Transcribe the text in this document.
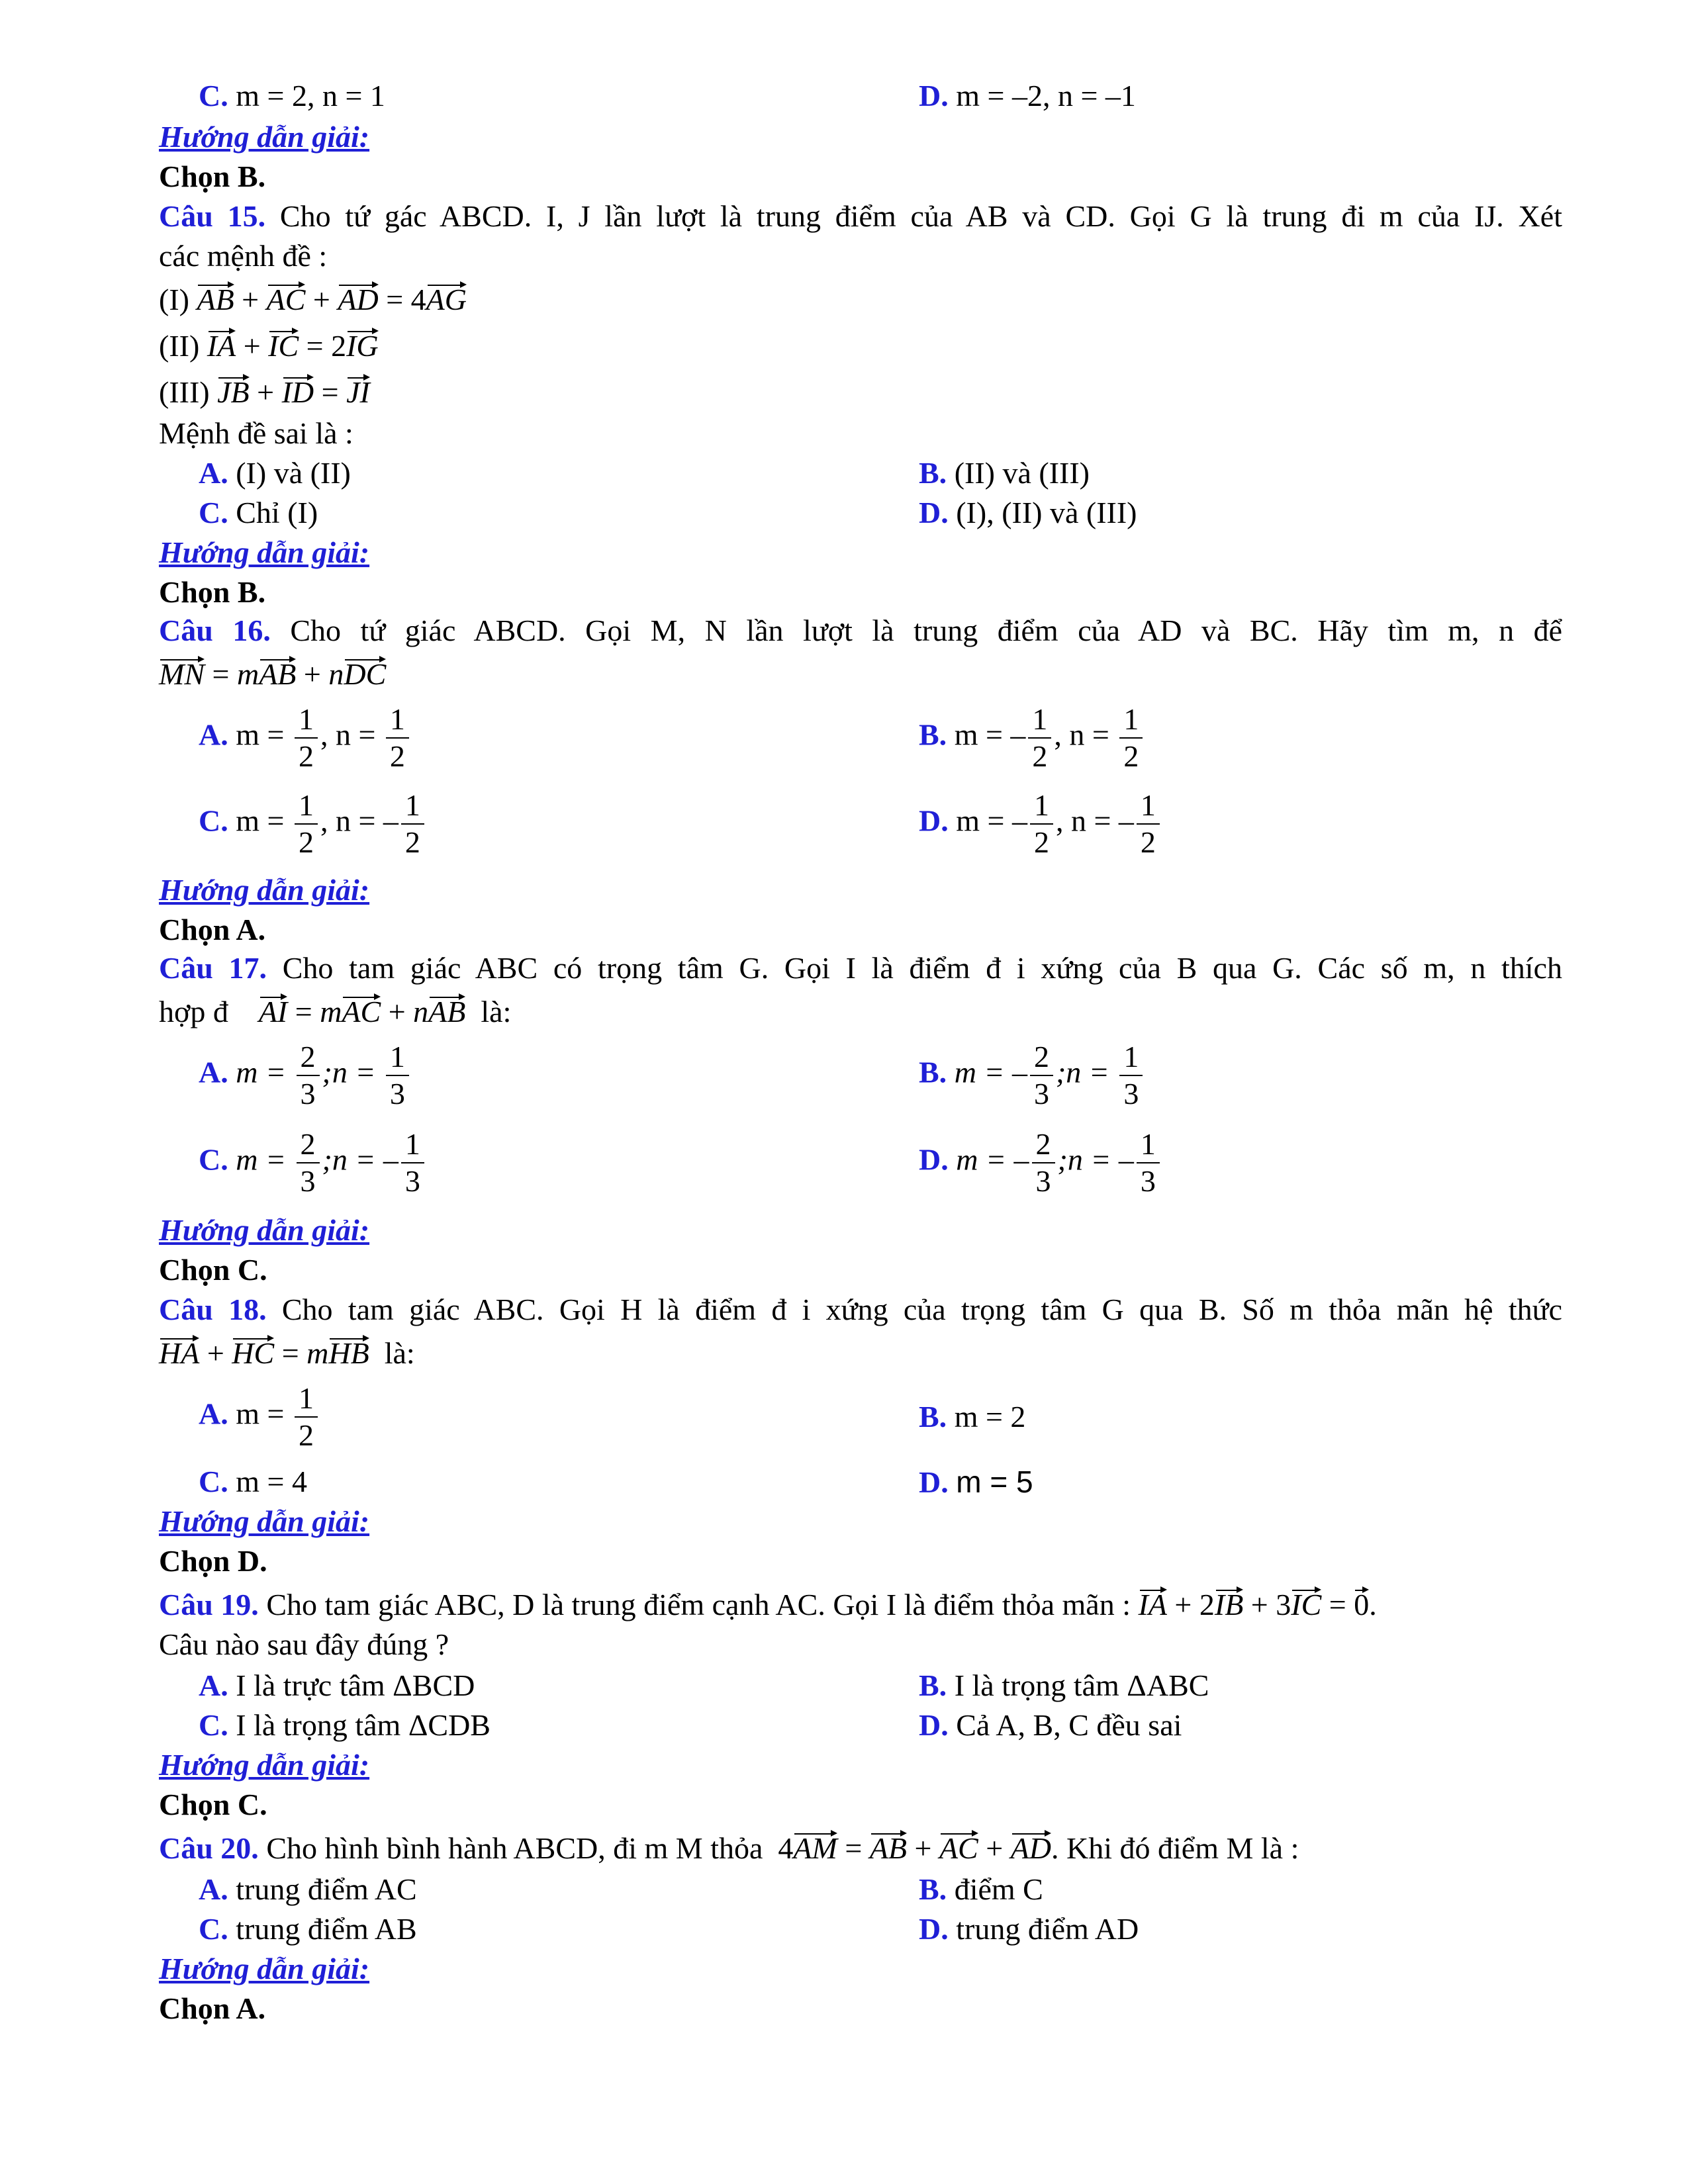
C. m = 2, n = 1	D. m = –2, n = –1
Hướng dẫn giải:
Chọn B.
Câu 15. Cho tứ gác ABCD. I, J lần lượt là trung điểm của AB và CD. Gọi G là trung đi m của IJ. Xét
các mệnh đề :
(I) AB + AC + AD = 4AG
(II) IA + IC = 2IG
(III) JB + ID = JI
Mệnh đề sai là :
A. (I) và (II)	B. (II) và (III)
C. Chỉ (I)	D. (I), (II) và (III)
Hướng dẫn giải:
Chọn B.
Câu 16. Cho tứ giác ABCD. Gọi M, N lần lượt là trung điểm của AD và BC. Hãy tìm m, n để
MN = mAB + nDC
A. $m = \frac{1}{2}$ , $n = \frac{1}{2}$	B. m = – $\frac{1}{2}$ , $n = \frac{1}{2}$
C. $m = \frac{1}{2}$ , n = – $\frac{1}{2}$	D. m = – $\frac{1}{2}$ , n = – $\frac{1}{2}$
Hướng dẫn giải:
Chọn A.
Câu 17. Cho tam giác ABC có trọng tâm G. Gọi I là điểm đ i xứng của B qua G. Các số m, n thích
hợp đ AI = mAC + nAB là:
A. $m = \frac{2}{3}$ ;n = $\frac{1}{3}$	B. m = – $\frac{2}{3}$ ;n = $\frac{1}{3}$
C. $m = \frac{2}{3}$ ;n = – $\frac{1}{3}$	D. m = – $\frac{2}{3}$ ;n = – $\frac{1}{3}$
Hướng dẫn giải:
Chọn C.
Câu 18. Cho tam giác ABC. Gọi H là điểm đ i xứng của trọng tâm G qua B. Số m thỏa mãn hệ thức
HA + HC = mHB là:
A. $m = \frac{1}{2}$	B. m = 2
C. m = 4	D. m = 5
Hướng dẫn giải:
Chọn D.
Câu 19. Cho tam giác ABC, D là trung điểm cạnh AC. Gọi I là điểm thỏa mãn : IA + 2IB + 3IC = 0.
Câu nào sau đây đúng ?
A. I là trực tâm ΔBCD	B. I là trọng tâm ΔABC
C. I là trọng tâm ΔCDB	D. Cả A, B, C đều sai
Hướng dẫn giải:
Chọn C.
Câu 20. Cho hình bình hành ABCD, đi m M thỏa 4AM = AB + AC + AD. Khi đó điểm M là :
A. trung điểm AC	B. điểm C
C. trung điểm AB	D. trung điểm AD
Hướng dẫn giải:
Chọn A.
